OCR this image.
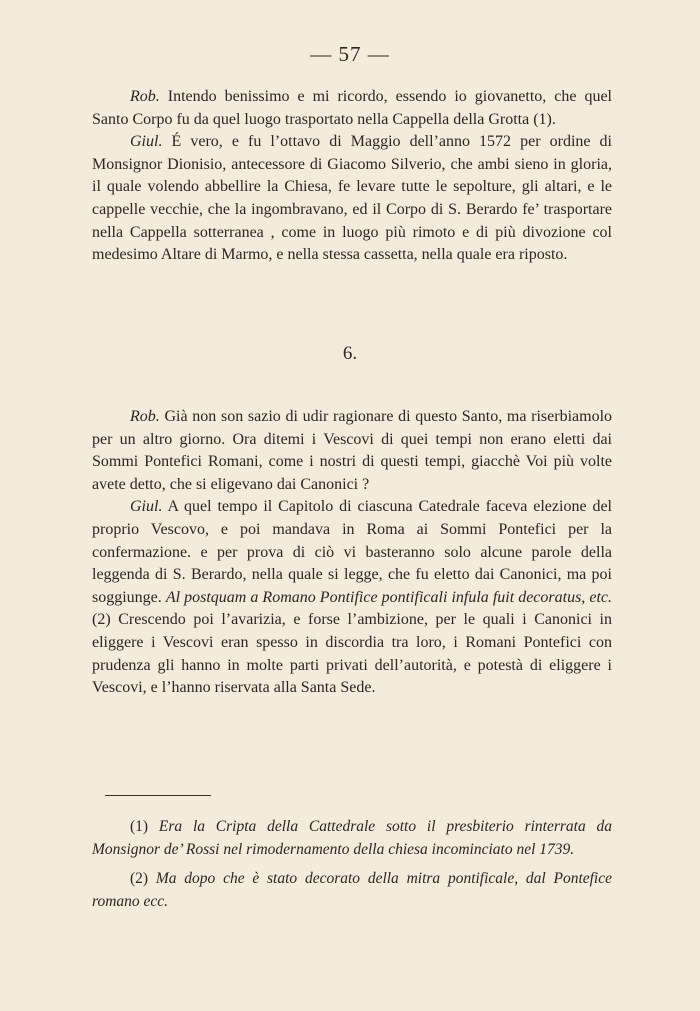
— 57 —

Rob. Intendo benissimo e mi ricordo, essendo io giovanetto, che quel Santo Corpo fu da quel luogo trasportato nella Cappella della Grotta (1).

Giul. É vero, e fu l’ottavo di Maggio dell’anno 1572 per ordine di Monsignor Dionisio, antecessore di Giacomo Silverio, che ambi sieno in gloria, il quale volendo abbellire la Chiesa, fe levare tutte le sepolture, gli altari, e le cappelle vecchie, che la ingombravano, ed il Corpo di S. Berardo fe’ trasportare nella Cappella sotterranea , come in luogo più rimoto e di più divozione col medesimo Altare di Marmo, e nella stessa cassetta, nella quale era riposto.

6.

Rob. Già non son sazio di udir ragionare di questo Santo, ma riserbiamolo per un altro giorno. Ora ditemi i Vescovi di quei tempi non erano eletti dai Sommi Pontefici Romani, come i nostri di questi tempi, giacchè Voi più volte avete detto, che si eligevano dai Canonici ?

Giul. A quel tempo il Capitolo di ciascuna Catedrale faceva elezione del proprio Vescovo, e poi mandava in Roma ai Sommi Pontefici per la confermazione. e per prova di ciò vi basteranno solo alcune parole della leggenda di S. Berardo, nella quale si legge, che fu eletto dai Canonici, ma poi soggiunge. Al postquam a Romano Pontifice pontificali infula fuit decoratus, etc. (2) Crescendo poi l’avarizia, e forse l’ambizione, per le quali i Canonici in eliggere i Vescovi eran spesso in discordia tra loro, i Romani Pontefici con prudenza gli hanno in molte parti privati dell’autorità, e potestà di eliggere i Vescovi, e l’hanno riservata alla Santa Sede.

(1) Era la Cripta della Cattedrale sotto il presbiterio rinterrata da Monsignor de’ Rossi nel rimodernamento della chiesa incominciato nel 1739.

(2) Ma dopo che è stato decorato della mitra pontificale, dal Pontefice romano ecc.
